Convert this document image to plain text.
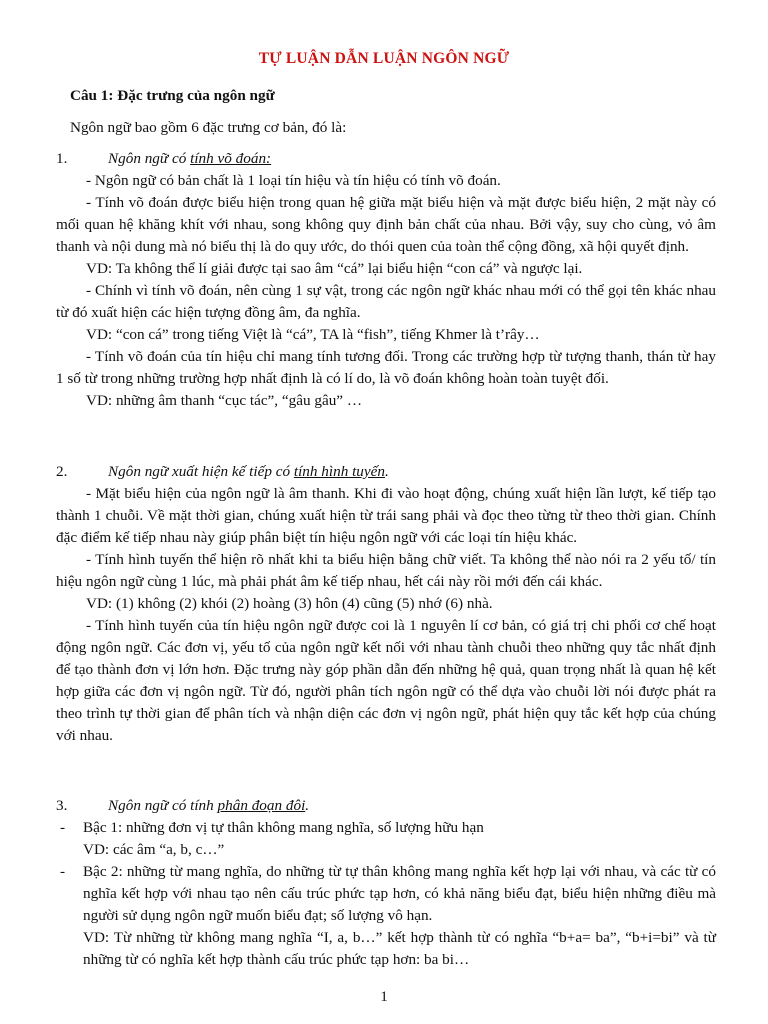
TỰ LUẬN DẪN LUẬN NGÔN NGỮ
Câu 1: Đặc trưng của ngôn ngữ
Ngôn ngữ bao gồm 6 đặc trưng cơ bản, đó là:
1.	Ngôn ngữ có tính võ đoán:

- Ngôn ngữ có bản chất là 1 loại tín hiệu và tín hiệu có tính võ đoán.

- Tính võ đoán được biểu hiện trong quan hệ giữa mặt biểu hiện và mặt được biểu hiện, 2 mặt này có mối quan hệ khăng khít với nhau, song không quy định bản chất của nhau. Bởi vậy, suy cho cùng, vỏ âm thanh và nội dung mà nó biểu thị là do quy ước, do thói quen của toàn thể cộng đồng, xã hội quyết định.

VD: Ta không thể lí giải được tại sao âm “cá” lại biểu hiện “con cá” và ngược lại.

- Chính vì tính võ đoán, nên cùng 1 sự vật, trong các ngôn ngữ khác nhau mới có thể gọi tên khác nhau từ đó xuất hiện các hiện tượng đồng âm, đa nghĩa.

VD: “con cá” trong tiếng Việt là “cá”, TA là “fish”, tiếng Khmer là t’rây…

- Tính võ đoán của tín hiệu chỉ mang tính tương đối. Trong các trường hợp từ tượng thanh, thán từ hay 1 số từ trong những trường hợp nhất định là có lí do, là võ đoán không hoàn toàn tuyệt đối.

VD: những âm thanh “cục tác”, “gâu gâu” …

2.	Ngôn ngữ xuất hiện kế tiếp có tính hình tuyến.

- Mặt biểu hiện của ngôn ngữ là âm thanh. Khi đi vào hoạt động, chúng xuất hiện lần lượt, kế tiếp tạo thành 1 chuỗi. Về mặt thời gian, chúng xuất hiện từ trái sang phải và đọc theo từng từ theo thời gian. Chính đặc điểm kế tiếp nhau này giúp phân biệt tín hiệu ngôn ngữ với các loại tín hiệu khác.

- Tính hình tuyến thể hiện rõ nhất khi ta biểu hiện bằng chữ viết. Ta không thể nào nói ra 2 yếu tố/ tín hiệu ngôn ngữ cùng 1 lúc, mà phải phát âm kế tiếp nhau, hết cái này rồi mới đến cái khác.

VD: (1) không (2) khói (2) hoàng (3) hôn (4) cũng (5) nhớ (6) nhà.

- Tính hình tuyến của tín hiệu ngôn ngữ được coi là 1 nguyên lí cơ bản, có giá trị chi phối cơ chế hoạt động ngôn ngữ. Các đơn vị, yếu tố của ngôn ngữ kết nối với nhau tành chuỗi theo những quy tắc nhất định để tạo thành đơn vị lớn hơn. Đặc trưng này góp phần dẫn đến những hệ quả, quan trọng nhất là quan hệ kết hợp giữa các đơn vị ngôn ngữ. Từ đó, người phân tích ngôn ngữ có thể dựa vào chuỗi lời nói được phát ra theo trình tự thời gian để phân tích và nhận diện các đơn vị ngôn ngữ, phát hiện quy tắc kết hợp của chúng với nhau.

3.	Ngôn ngữ có tính phân đoạn đôi.
- Bậc 1: những đơn vị tự thân không mang nghĩa, số lượng hữu hạn
VD: các âm “a, b, c…”
- Bậc 2: những từ mang nghĩa, do những từ tự thân không mang nghĩa kết hợp lại với nhau, và các từ có nghĩa kết hợp với nhau tạo nên cấu trúc phức tạp hơn, có khả năng biểu đạt, biểu hiện những điều mà người sử dụng ngôn ngữ muốn biểu đạt; số lượng vô hạn.
VD: Từ những từ không mang nghĩa “I, a, b…” kết hợp thành từ có nghĩa “b+a= ba”, “b+i=bi” và từ những từ có nghĩa kết hợp thành cấu trúc phức tạp hơn: ba bi…
1
